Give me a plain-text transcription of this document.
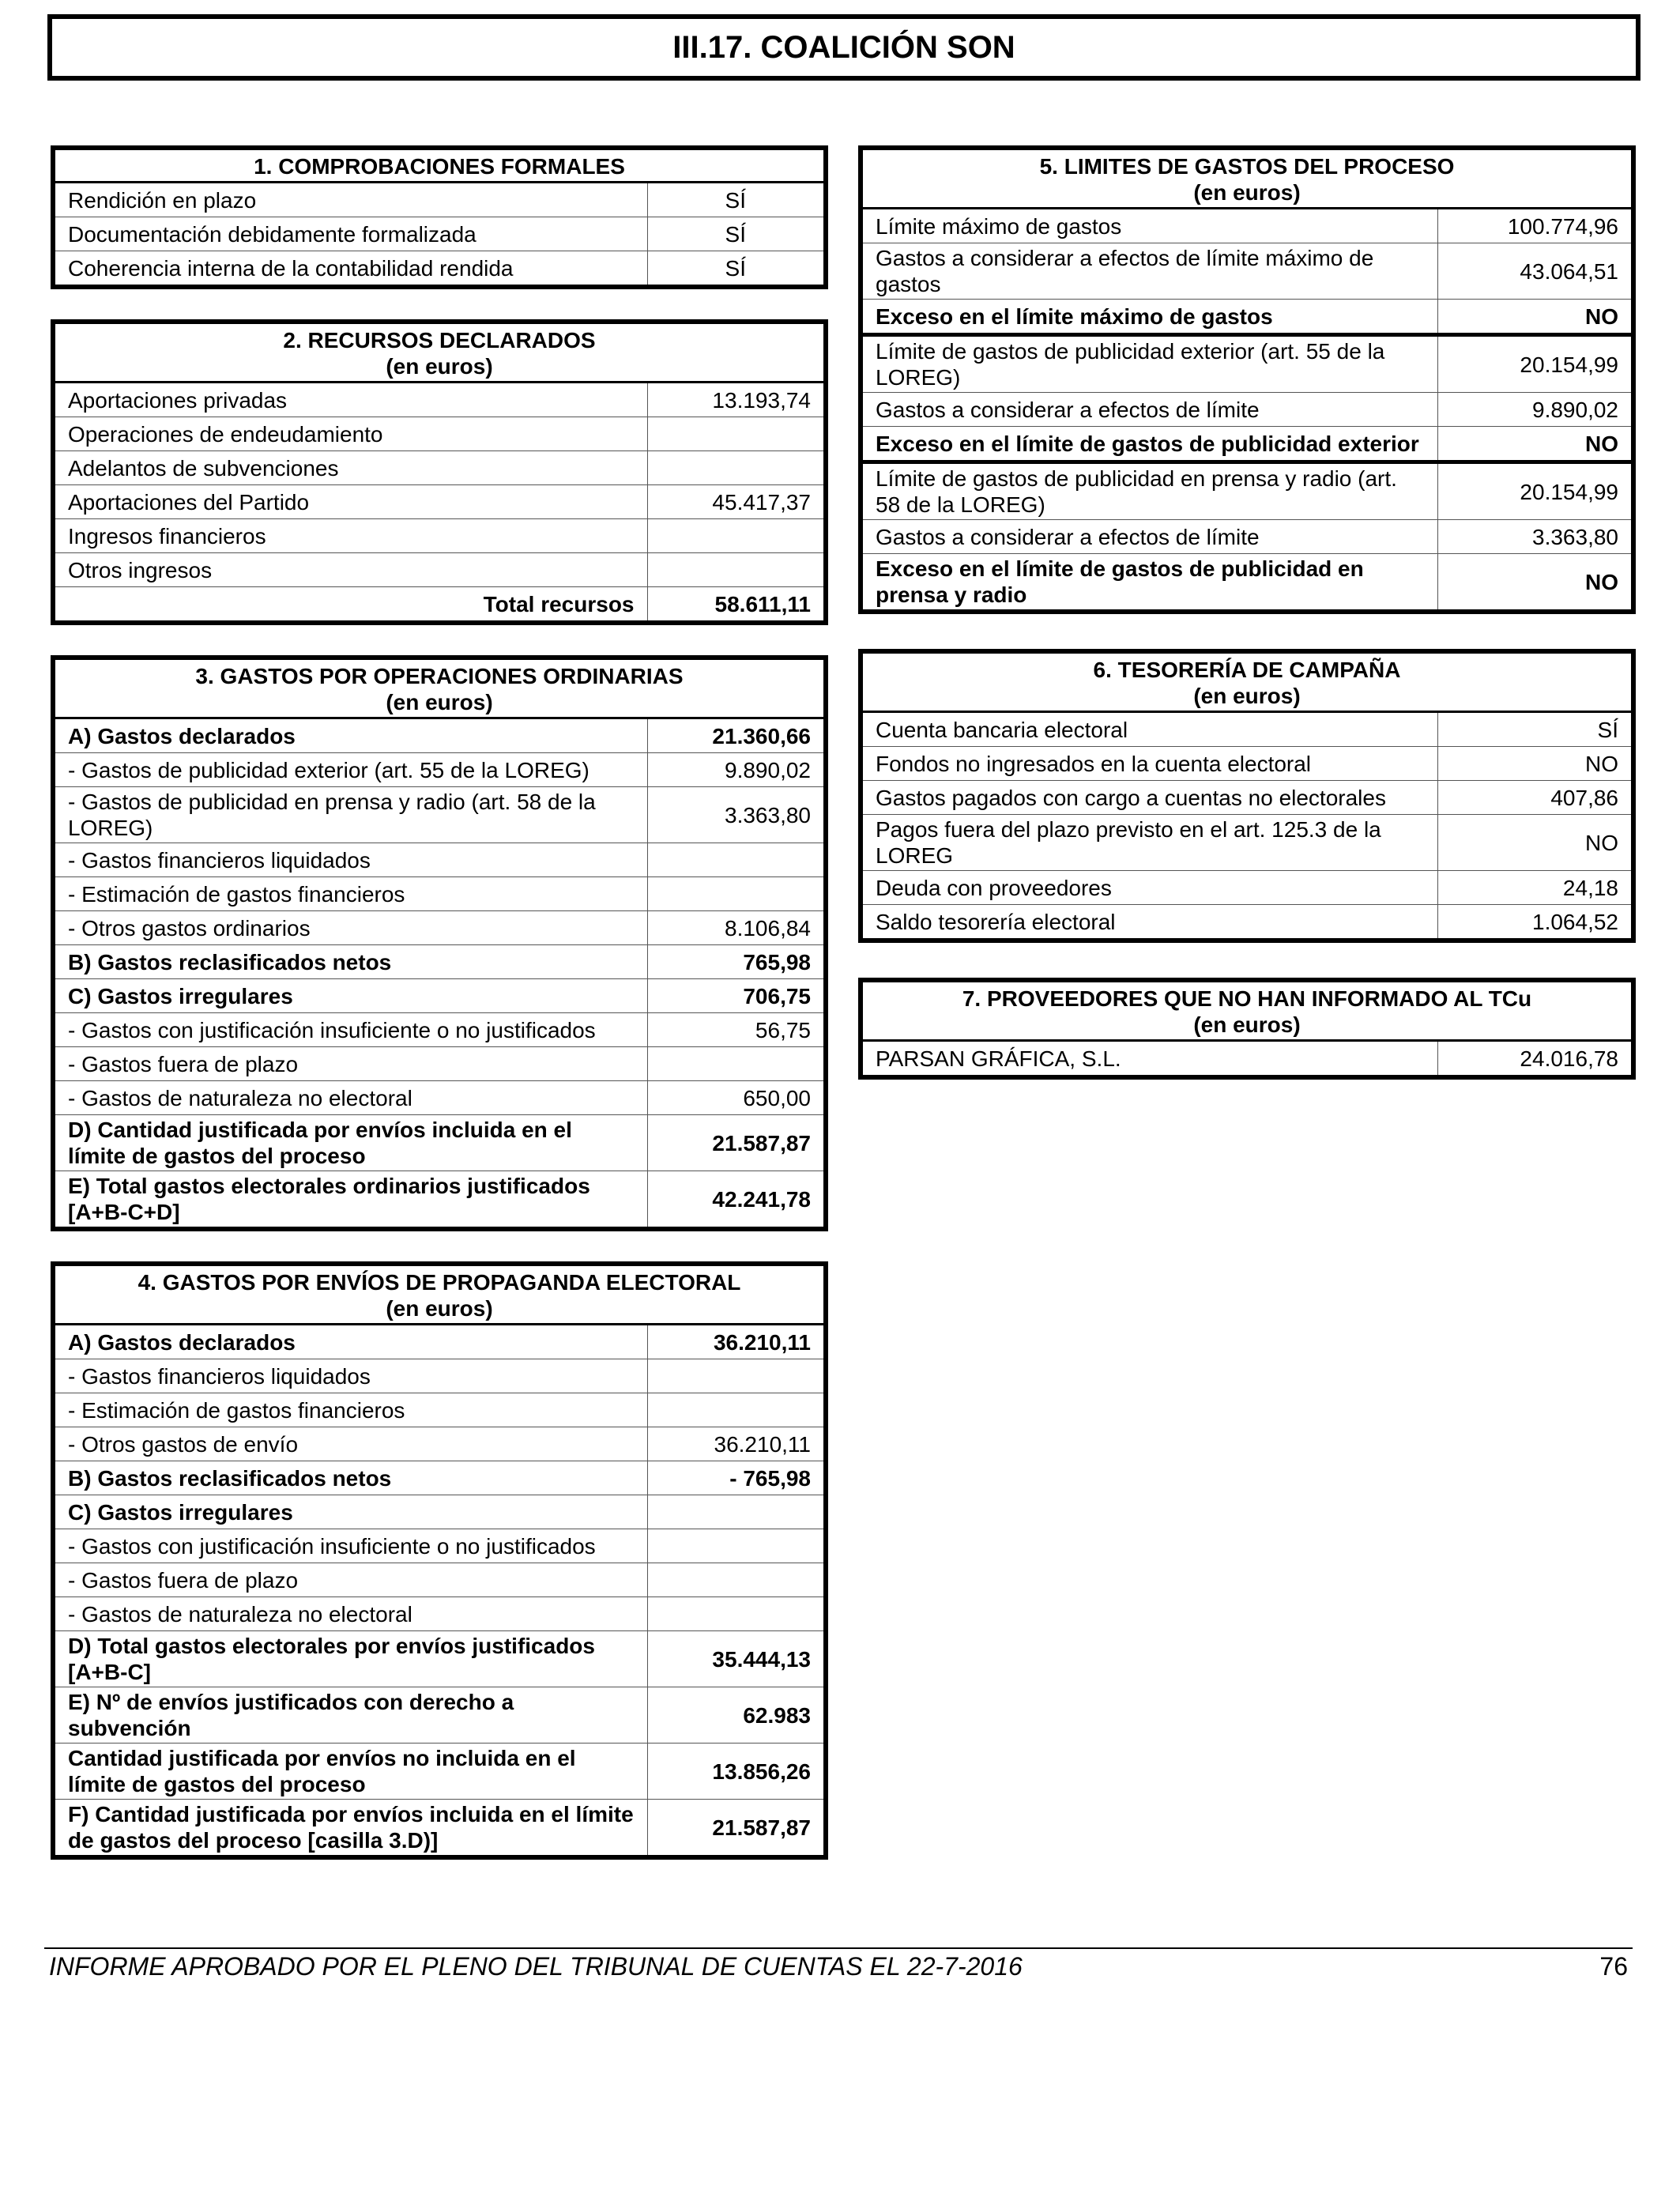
III.17. COALICIÓN SON
1. COMPROBACIONES FORMALES	
Rendición en plazo	SÍ
Documentación debidamente formalizada	SÍ
Coherencia interna de la contabilidad rendida	SÍ
2. RECURSOS DECLARADOS
(en euros)	
Aportaciones privadas	13.193,74
Operaciones de endeudamiento	
Adelantos de subvenciones	
Aportaciones del Partido	45.417,37
Ingresos financieros	
Otros ingresos	
Total recursos	58.611,11
3. GASTOS POR OPERACIONES ORDINARIAS
(en euros)	
A) Gastos declarados	21.360,66
- Gastos de publicidad exterior (art. 55 de la LOREG)	9.890,02
- Gastos de publicidad en prensa y radio (art. 58 de la LOREG)	3.363,80
- Gastos financieros liquidados	
- Estimación de gastos financieros	
- Otros gastos ordinarios	8.106,84
B) Gastos reclasificados netos	765,98
C) Gastos irregulares	706,75
- Gastos con justificación insuficiente o no justificados	56,75
- Gastos fuera de plazo	
- Gastos de naturaleza no electoral	650,00
D) Cantidad justificada por envíos incluida en el límite de gastos del proceso	21.587,87
E) Total gastos electorales ordinarios justificados [A+B-C+D]	42.241,78
4. GASTOS POR ENVÍOS DE PROPAGANDA ELECTORAL
(en euros)	
A) Gastos declarados	36.210,11
- Gastos financieros liquidados	
- Estimación de gastos financieros	
- Otros gastos de envío	36.210,11
B) Gastos reclasificados netos	- 765,98
C) Gastos irregulares	
- Gastos con justificación insuficiente o no justificados	
- Gastos fuera de plazo	
- Gastos de naturaleza no electoral	
D) Total gastos electorales por envíos justificados [A+B-C]	35.444,13
E) Nº de envíos justificados con derecho a subvención	62.983
Cantidad justificada por envíos no incluida en el límite de gastos del proceso	13.856,26
F) Cantidad justificada por envíos incluida en el límite de gastos del proceso [casilla 3.D)]	21.587,87
5. LIMITES DE GASTOS DEL PROCESO
(en euros)	
Límite máximo de gastos	100.774,96
Gastos a considerar a efectos de límite máximo de gastos	43.064,51
Exceso en el límite máximo de gastos	NO
Límite de gastos de publicidad exterior (art. 55 de la LOREG)	20.154,99
Gastos a considerar a efectos de límite	9.890,02
Exceso en el límite de gastos de publicidad exterior	NO
Límite de gastos de publicidad en prensa y radio (art. 58 de la LOREG)	20.154,99
Gastos a considerar a efectos de límite	3.363,80
Exceso en el límite de gastos de publicidad en prensa y radio	NO
6. TESORERÍA DE CAMPAÑA
(en euros)	
Cuenta bancaria electoral	SÍ
Fondos no ingresados en la cuenta electoral	NO
Gastos pagados con cargo a cuentas no electorales	407,86
Pagos fuera del plazo previsto en el art. 125.3 de la LOREG	NO
Deuda con proveedores	24,18
Saldo tesorería electoral	1.064,52
7. PROVEEDORES QUE NO HAN INFORMADO AL TCu
(en euros)
PARSAN GRÁFICA, S.L.	24.016,78
INFORME APROBADO POR EL PLENO DEL TRIBUNAL DE CUENTAS EL 22-7-2016	76
